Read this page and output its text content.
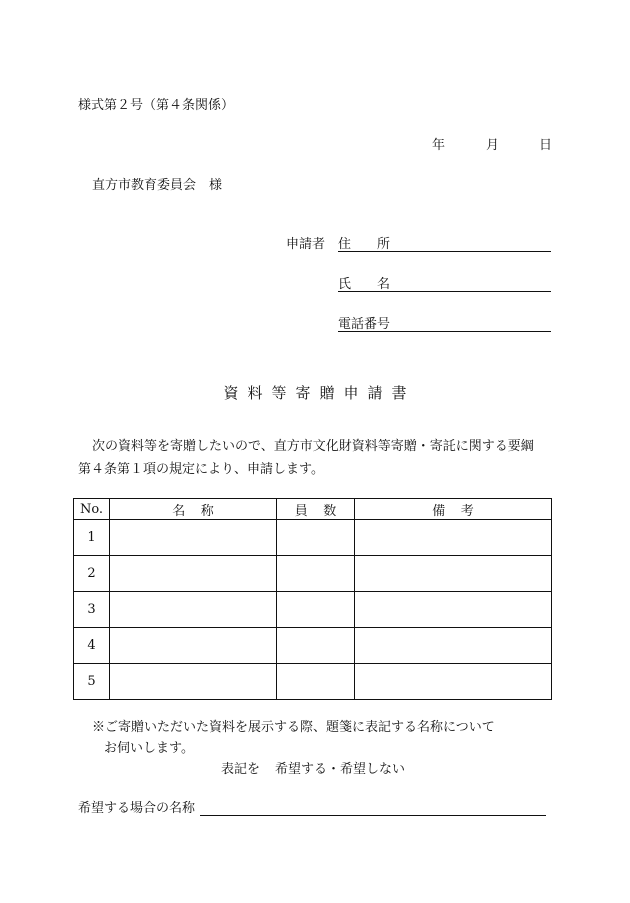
様式第２号（第４条関係）
年	月	日
直方市教育委員会　様
申請者 住　　所
氏　　名
電話番号
資料等寄贈申請書
次の資料等を寄贈したいので、直方市文化財資料等寄贈・寄託に関する要綱
第４条第１項の規定により、申請します。
No.	名称	員数	備考
1			
2			
3			
4			
5			
※ご寄贈いただいた資料を展示する際、題箋に表記する名称について
お伺いします。
表記を 希望する・希望しない
希望する場合の名称
